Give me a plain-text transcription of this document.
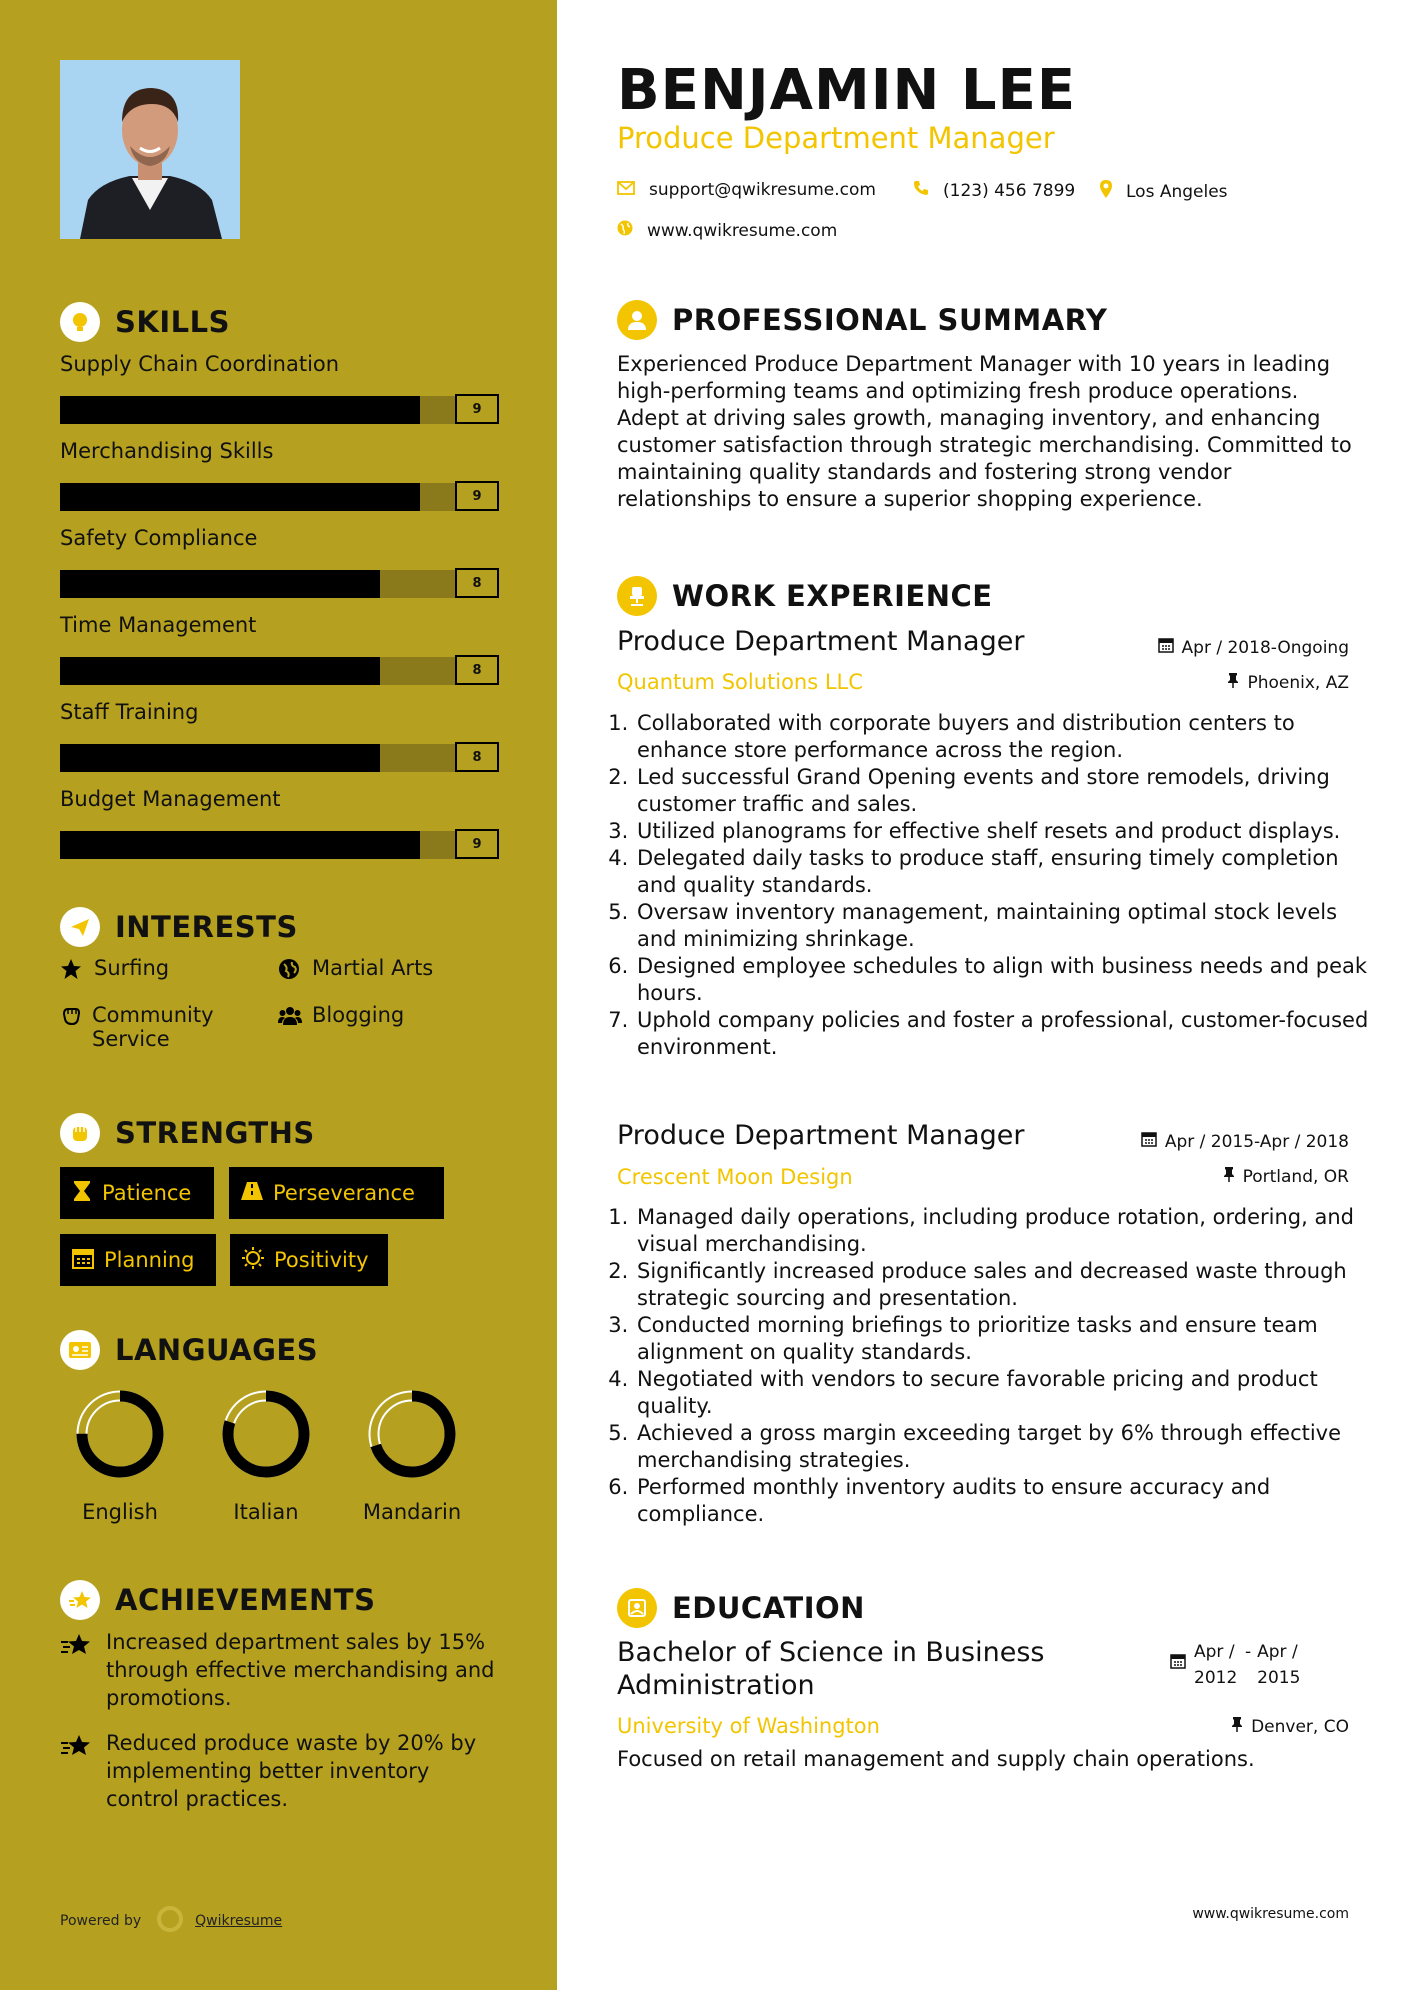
SKILLS
Supply Chain Coordination
9
Merchandising Skills
9
Safety Compliance
8
Time Management
8
Staff Training
8
Budget Management
9
INTERESTS
Surfing	Martial Arts
Community Service
Blogging
STRENGTHS
Patience	Perseverance
Planning	Positivity
LANGUAGES
English	Italian	Mandarin
ACHIEVEMENTS
Increased department sales by 15% through effective merchandising and promotions.
Reduced produce waste by 20% by implementing better inventory control practices.
Powered by	Qwikresume
BENJAMIN LEE
Produce Department Manager
support@qwikresume.com	(123) 456 7899	Los Angeles
www.qwikresume.com
PROFESSIONAL SUMMARY
Experienced Produce Department Manager with 10 years in leading high-performing teams and optimizing fresh produce operations. Adept at driving sales growth, managing inventory, and enhancing customer satisfaction through strategic merchandising. Committed to maintaining quality standards and fostering strong vendor relationships to ensure a superior shopping experience.
WORK EXPERIENCE
Produce Department Manager	Apr / 2018-Ongoing
Quantum Solutions LLC	Phoenix, AZ
1. Collaborated with corporate buyers and distribution centers to enhance store performance across the region.
2. Led successful Grand Opening events and store remodels, driving customer traffic and sales.
3. Utilized planograms for effective shelf resets and product displays.
4. Delegated daily tasks to produce staff, ensuring timely completion and quality standards.
5. Oversaw inventory management, maintaining optimal stock levels and minimizing shrinkage.
6. Designed employee schedules to align with business needs and peak hours.
7. Uphold company policies and foster a professional, customer-focused environment.
Produce Department Manager	Apr / 2015-Apr / 2018
Crescent Moon Design	Portland, OR
1. Managed daily operations, including produce rotation, ordering, and visual merchandising.
2. Significantly increased produce sales and decreased waste through strategic sourcing and presentation.
3. Conducted morning briefings to prioritize tasks and ensure team alignment on quality standards.
4. Negotiated with vendors to secure favorable pricing and product quality.
5. Achieved a gross margin exceeding target by 6% through effective merchandising strategies.
6. Performed monthly inventory audits to ensure accuracy and compliance.
EDUCATION
Bachelor of Science in Business Administration
Apr / 2012
- Apr / 2015
University of Washington	Denver, CO
Focused on retail management and supply chain operations.
www.qwikresume.com
